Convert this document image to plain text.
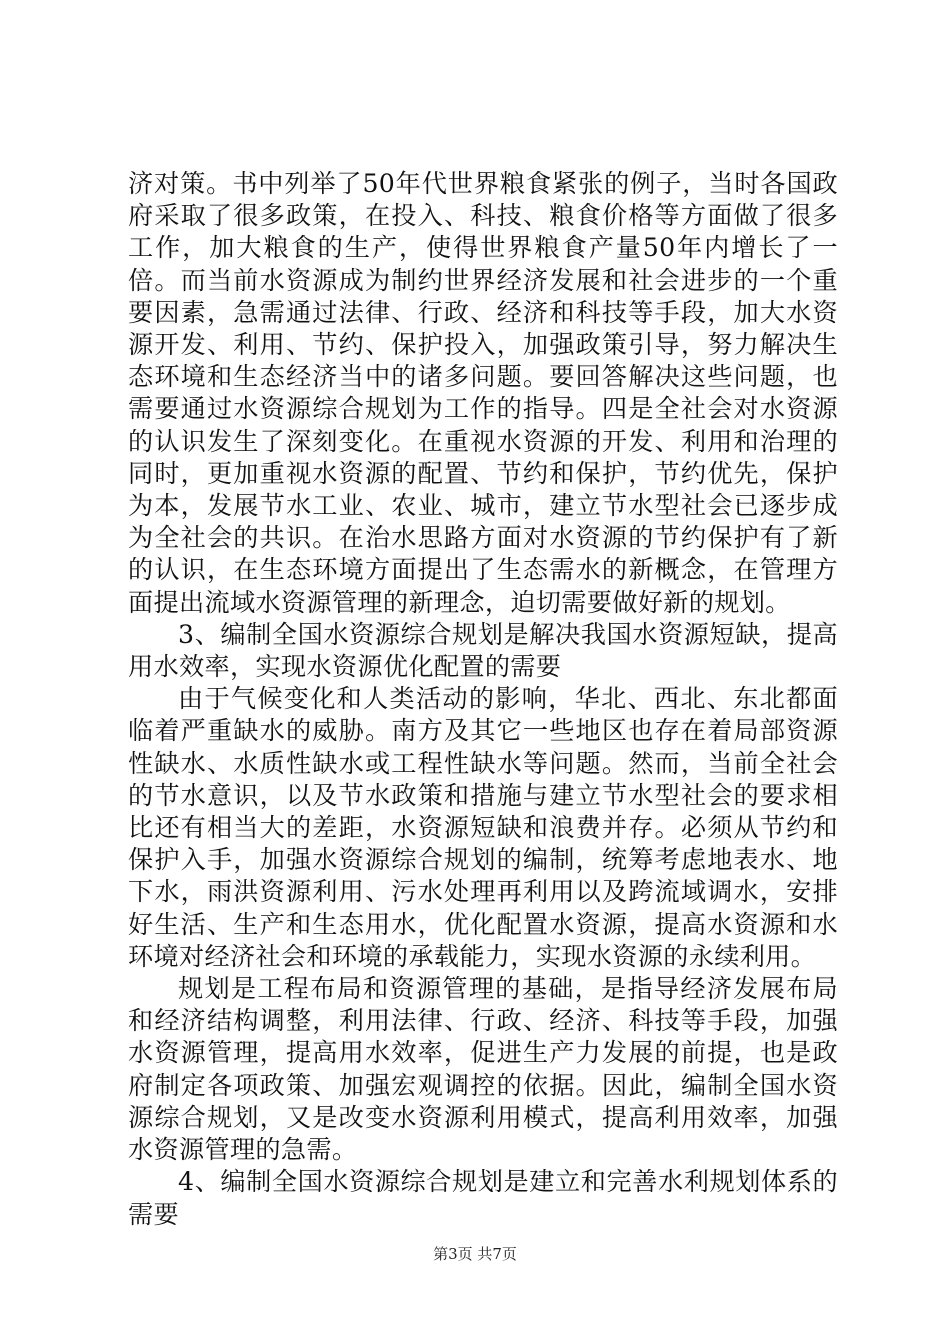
济对策。书中列举了50年代世界粮食紧张的例子，当时各国政府采取了很多政策，在投入、科技、粮食价格等方面做了很多工作，加大粮食的生产，使得世界粮食产量50年内增长了一倍。而当前水资源成为制约世界经济发展和社会进步的一个重要因素，急需通过法律、行政、经济和科技等手段，加大水资源开发、利用、节约、保护投入，加强政策引导，努力解决生态环境和生态经济当中的诸多问题。要回答解决这些问题，也需要通过水资源综合规划为工作的指导。四是全社会对水资源的认识发生了深刻变化。在重视水资源的开发、利用和治理的同时，更加重视水资源的配置、节约和保护，节约优先，保护为本，发展节水工业、农业、城市，建立节水型社会已逐步成为全社会的共识。在治水思路方面对水资源的节约保护有了新的认识，在生态环境方面提出了生态需水的新概念，在管理方面提出流域水资源管理的新理念，迫切需要做好新的规划。

3、编制全国水资源综合规划是解决我国水资源短缺，提高用水效率，实现水资源优化配置的需要

由于气候变化和人类活动的影响，华北、西北、东北都面临着严重缺水的威胁。南方及其它一些地区也存在着局部资源性缺水、水质性缺水或工程性缺水等问题。然而，当前全社会的节水意识，以及节水政策和措施与建立节水型社会的要求相比还有相当大的差距，水资源短缺和浪费并存。必须从节约和保护入手，加强水资源综合规划的编制，统筹考虑地表水、地下水，雨洪资源利用、污水处理再利用以及跨流域调水，安排好生活、生产和生态用水，优化配置水资源，提高水资源和水环境对经济社会和环境的承载能力，实现水资源的永续利用。

规划是工程布局和资源管理的基础，是指导经济发展布局和经济结构调整，利用法律、行政、经济、科技等手段，加强水资源管理，提高用水效率，促进生产力发展的前提，也是政府制定各项政策、加强宏观调控的依据。因此，编制全国水资源综合规划，又是改变水资源利用模式，提高利用效率，加强水资源管理的急需。

4、编制全国水资源综合规划是建立和完善水利规划体系的需要

第3页 共7页
